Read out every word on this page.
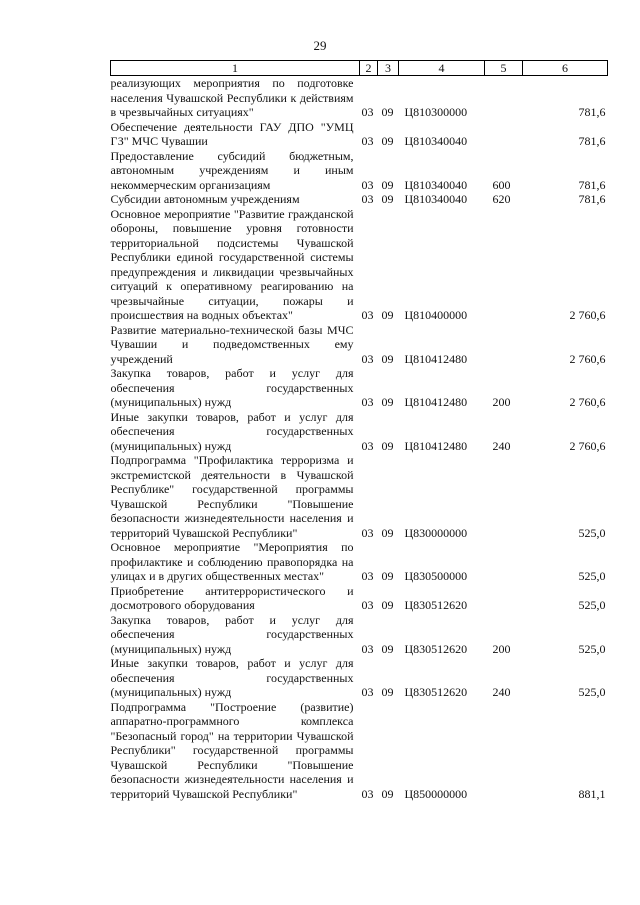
29
1	2	3	4	5	6
реализующих мероприятия по подготовке населения Чувашской Республики к действиям в чрезвычайных ситуациях"	03	09	Ц810300000		781,6
Обеспечение деятельности ГАУ ДПО "УМЦ ГЗ" МЧС Чувашии	03	09	Ц810340040		781,6
Предоставление субсидий бюджетным, автономным учреждениям и иным некоммерческим организациям	03	09	Ц810340040	600	781,6
Субсидии автономным учреждениям	03	09	Ц810340040	620	781,6
Основное мероприятие "Развитие гражданской обороны, повышение уровня готовности территориальной подсистемы Чувашской Республики единой государственной системы предупреждения и ликвидации чрезвычайных ситуаций к оперативному реагированию на чрезвычайные ситуации, пожары и происшествия на водных объектах"	03	09	Ц810400000		2 760,6
Развитие материально-технической базы МЧС Чувашии и подведомственных ему учреждений	03	09	Ц810412480		2 760,6
Закупка товаров, работ и услуг для обеспечения государственных (муниципальных) нужд	03	09	Ц810412480	200	2 760,6
Иные закупки товаров, работ и услуг для обеспечения государственных (муниципальных) нужд	03	09	Ц810412480	240	2 760,6
Подпрограмма "Профилактика терроризма и экстремистской деятельности в Чувашской Республике" государственной программы Чувашской Республики "Повышение безопасности жизнедеятельности населения и территорий Чувашской Республики"	03	09	Ц830000000		525,0
Основное мероприятие "Мероприятия по профилактике и соблюдению правопорядка на улицах и в других общественных местах"	03	09	Ц830500000		525,0
Приобретение антитеррористического и досмотрового оборудования	03	09	Ц830512620		525,0
Закупка товаров, работ и услуг для обеспечения государственных (муниципальных) нужд	03	09	Ц830512620	200	525,0
Иные закупки товаров, работ и услуг для обеспечения государственных (муниципальных) нужд	03	09	Ц830512620	240	525,0
Подпрограмма "Построение (развитие) аппаратно-программного комплекса "Безопасный город" на территории Чувашской Республики" государственной программы Чувашской Республики "Повышение безопасности жизнедеятельности населения и территорий Чувашской Республики"	03	09	Ц850000000		881,1
